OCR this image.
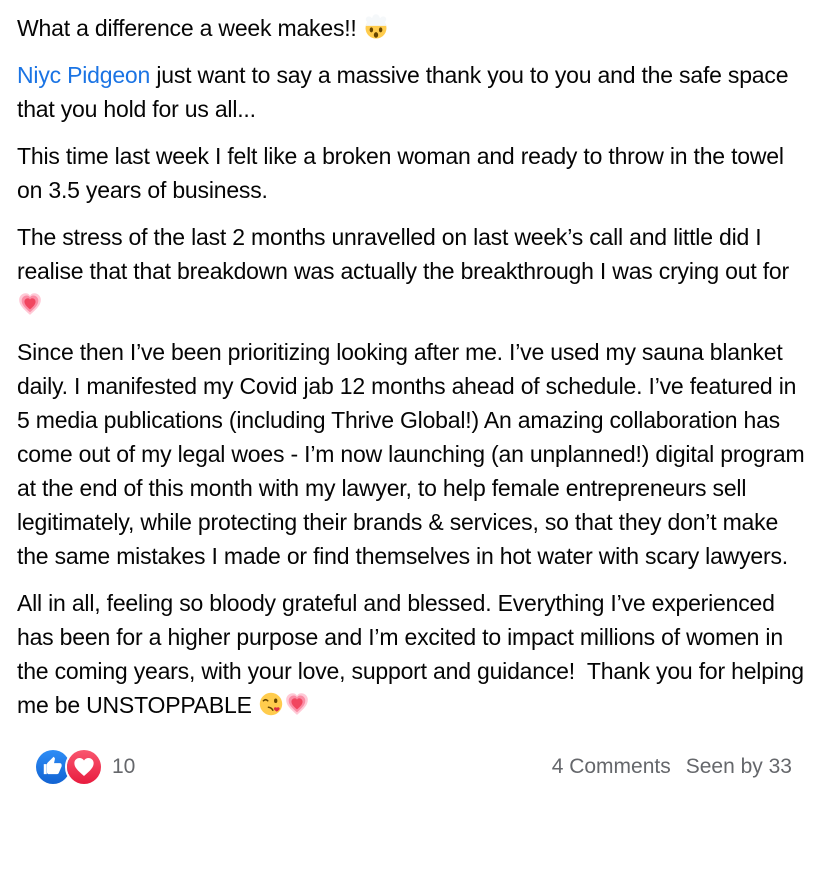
What a difference a week makes!!

Niyc Pidgeon just want to say a massive thank you to you and the safe space that you hold for us all...

This time last week I felt like a broken woman and ready to throw in the towel on 3.5 years of business.

The stress of the last 2 months unravelled on last week’s call and little did I realise that that breakdown was actually the breakthrough I was crying out for

Since then I’ve been prioritizing looking after me. I’ve used my sauna blanket daily. I manifested my Covid jab 12 months ahead of schedule. I’ve featured in 5 media publications (including Thrive Global!) An amazing collaboration has come out of my legal woes - I’m now launching (an unplanned!) digital program at the end of this month with my lawyer, to help female entrepreneurs sell legitimately, while protecting their brands & services, so that they don’t make the same mistakes I made or find themselves in hot water with scary lawyers.

All in all, feeling so bloody grateful and blessed. Everything I’ve experienced has been for a higher purpose and I’m excited to impact millions of women in the coming years, with your love, support and guidance!  Thank you for helping me be UNSTOPPABLE

10	4 Comments Seen by 33
